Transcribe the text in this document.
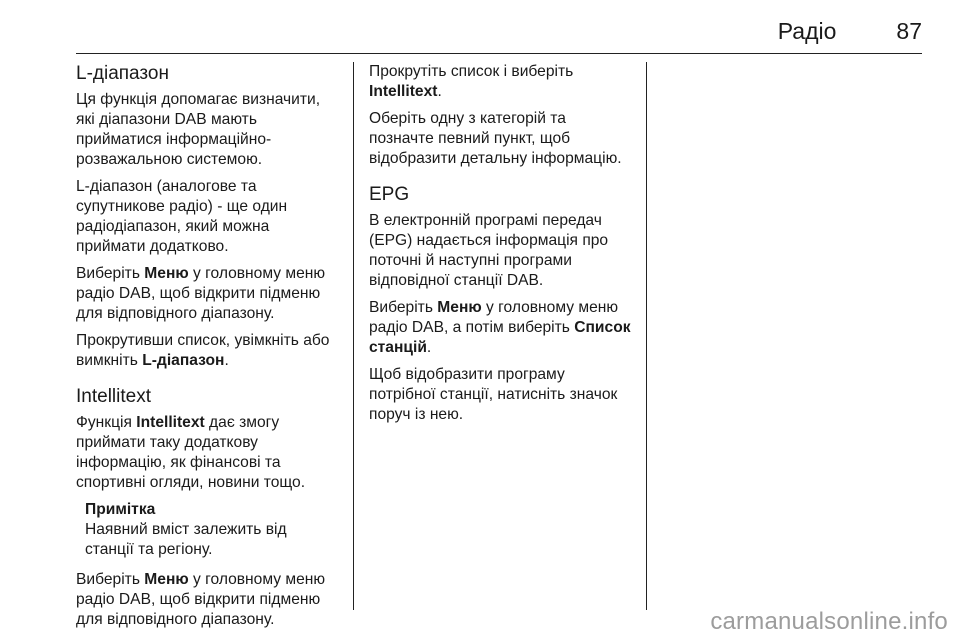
Радіо	87
L-діапазон

Ця функція допомагає визначити,
які діапазони DAB мають
прийматися інформаційно-
розважальною системою.

L-діапазон (аналогове та
супутникове радіо) - ще один
радіодіапазон, який можна
приймати додатково.

Виберіть Меню у головному меню
радіо DAB, щоб відкрити підменю
для відповідного діапазону.

Прокрутивши список, увімкніть або
вимкніть L-діапазон.

Intellitext

Функція Intellitext дає змогу
приймати таку додаткову
інформацію, як фінансові та
спортивні огляди, новини тощо.

Примітка
Наявний вміст залежить від
станції та регіону.

Виберіть Меню у головному меню
радіо DAB, щоб відкрити підменю
для відповідного діапазону.

Прокрутіть список і виберіть
Intellitext.

Оберіть одну з категорій та
позначте певний пункт, щоб
відобразити детальну інформацію.

EPG

В електронній програмі передач
(EPG) надається інформація про
поточні й наступні програми
відповідної станції DAB.

Виберіть Меню у головному меню
радіо DAB, а потім виберіть Список
станцій.

Щоб відобразити програму
потрібної станції, натисніть значок
поруч із нею.

carmanualsonline.info
